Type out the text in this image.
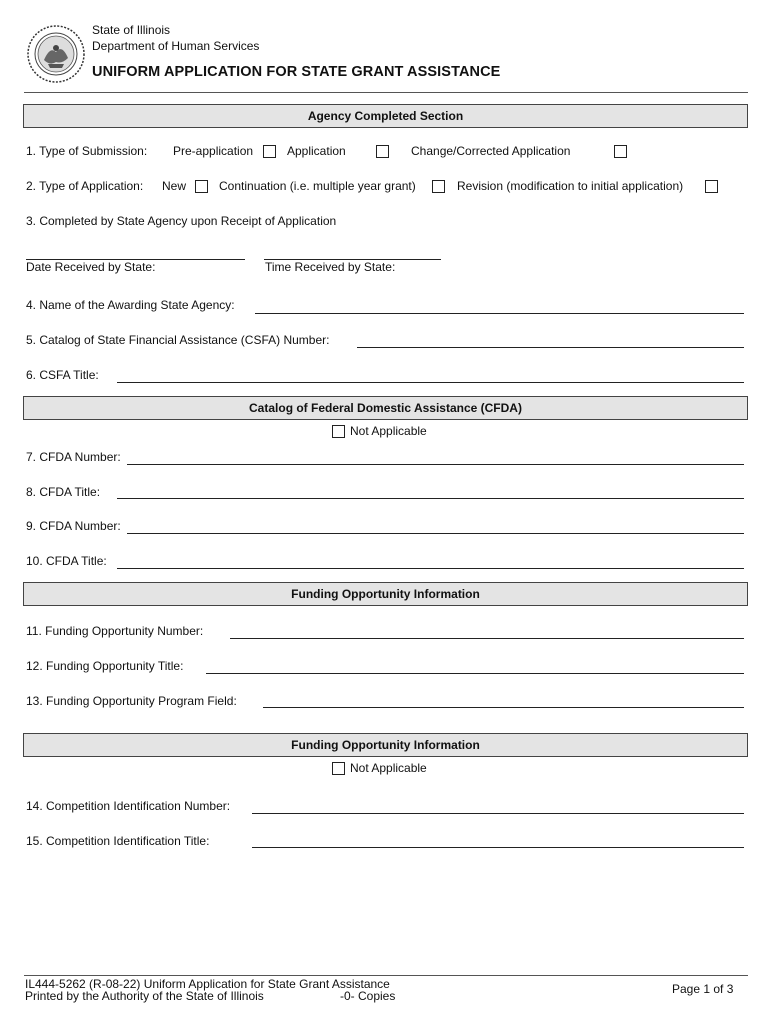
State of Illinois
Department of Human Services
UNIFORM APPLICATION FOR STATE GRANT ASSISTANCE
Agency Completed Section
1. Type of Submission: Pre-application	Application	Change/Corrected Application
2. Type of Application: New	Continuation (i.e. multiple year grant)	Revision (modification to initial application)
3. Completed by State Agency upon Receipt of Application
Date Received by State:	Time Received by State:
4. Name of the Awarding State Agency:
5. Catalog of State Financial Assistance (CSFA) Number:
6. CSFA Title:
Catalog of Federal Domestic Assistance (CFDA)
Not Applicable
7. CFDA Number:
8. CFDA Title:
9. CFDA Number:
10. CFDA Title:
Funding Opportunity Information
11. Funding Opportunity Number:
12. Funding Opportunity Title:
13. Funding Opportunity Program Field:
Funding Opportunity Information
Not Applicable
14. Competition Identification Number:
15. Competition Identification Title:
IL444-5262 (R-08-22) Uniform Application for State Grant Assistance
Printed by the Authority of the State of Illinois	-0- Copies	Page 1 of 3
